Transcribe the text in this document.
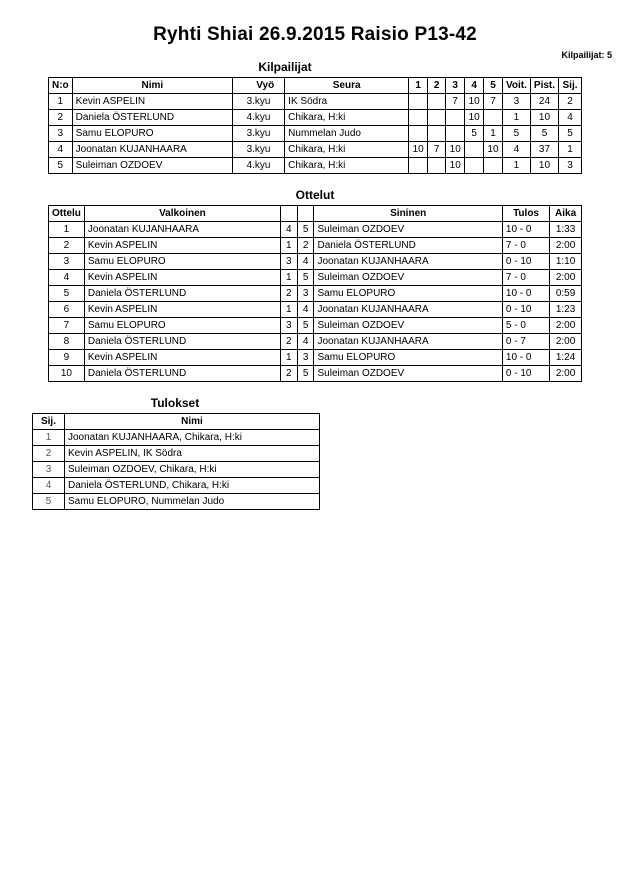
Ryhti Shiai 26.9.2015 Raisio P13-42
Kilpailijat: 5
Kilpailijat
N:o	Nimi	Vyö	Seura	1	2	3	4	5	Voit.	Pist.	Sij.
1	Kevin ASPELIN	3.kyu	IK Södra			7	10	7	3	24	2
2	Daniela ÖSTERLUND	4.kyu	Chikara, H:ki				10		1	10	4
3	Samu ELOPURO	3.kyu	Nummelan Judo				5	1	5	5	5
4	Joonatan KUJANHAARA	3.kyu	Chikara, H:ki	10	7	10		10	4	37	1
5	Suleiman OZDOEV	4.kyu	Chikara, H:ki			10			1	10	3
Ottelut
Ottelu	Valkoinen			Sininen	Tulos	Aika
1	Joonatan KUJANHAARA	4	5	Suleiman OZDOEV	10 - 0	1:33
2	Kevin ASPELIN	1	2	Daniela ÖSTERLUND	7 - 0	2:00
3	Samu ELOPURO	3	4	Joonatan KUJANHAARA	0 - 10	1:10
4	Kevin ASPELIN	1	5	Suleiman OZDOEV	7 - 0	2:00
5	Daniela ÖSTERLUND	2	3	Samu ELOPURO	10 - 0	0:59
6	Kevin ASPELIN	1	4	Joonatan KUJANHAARA	0 - 10	1:23
7	Samu ELOPURO	3	5	Suleiman OZDOEV	5 - 0	2:00
8	Daniela ÖSTERLUND	2	4	Joonatan KUJANHAARA	0 - 7	2:00
9	Kevin ASPELIN	1	3	Samu ELOPURO	10 - 0	1:24
10	Daniela ÖSTERLUND	2	5	Suleiman OZDOEV	0 - 10	2:00
Tulokset
Sij.	Nimi
1	Joonatan KUJANHAARA, Chikara, H:ki
2	Kevin ASPELIN, IK Södra
3	Suleiman OZDOEV, Chikara, H:ki
4	Daniela ÖSTERLUND, Chikara, H:ki
5	Samu ELOPURO, Nummelan Judo
